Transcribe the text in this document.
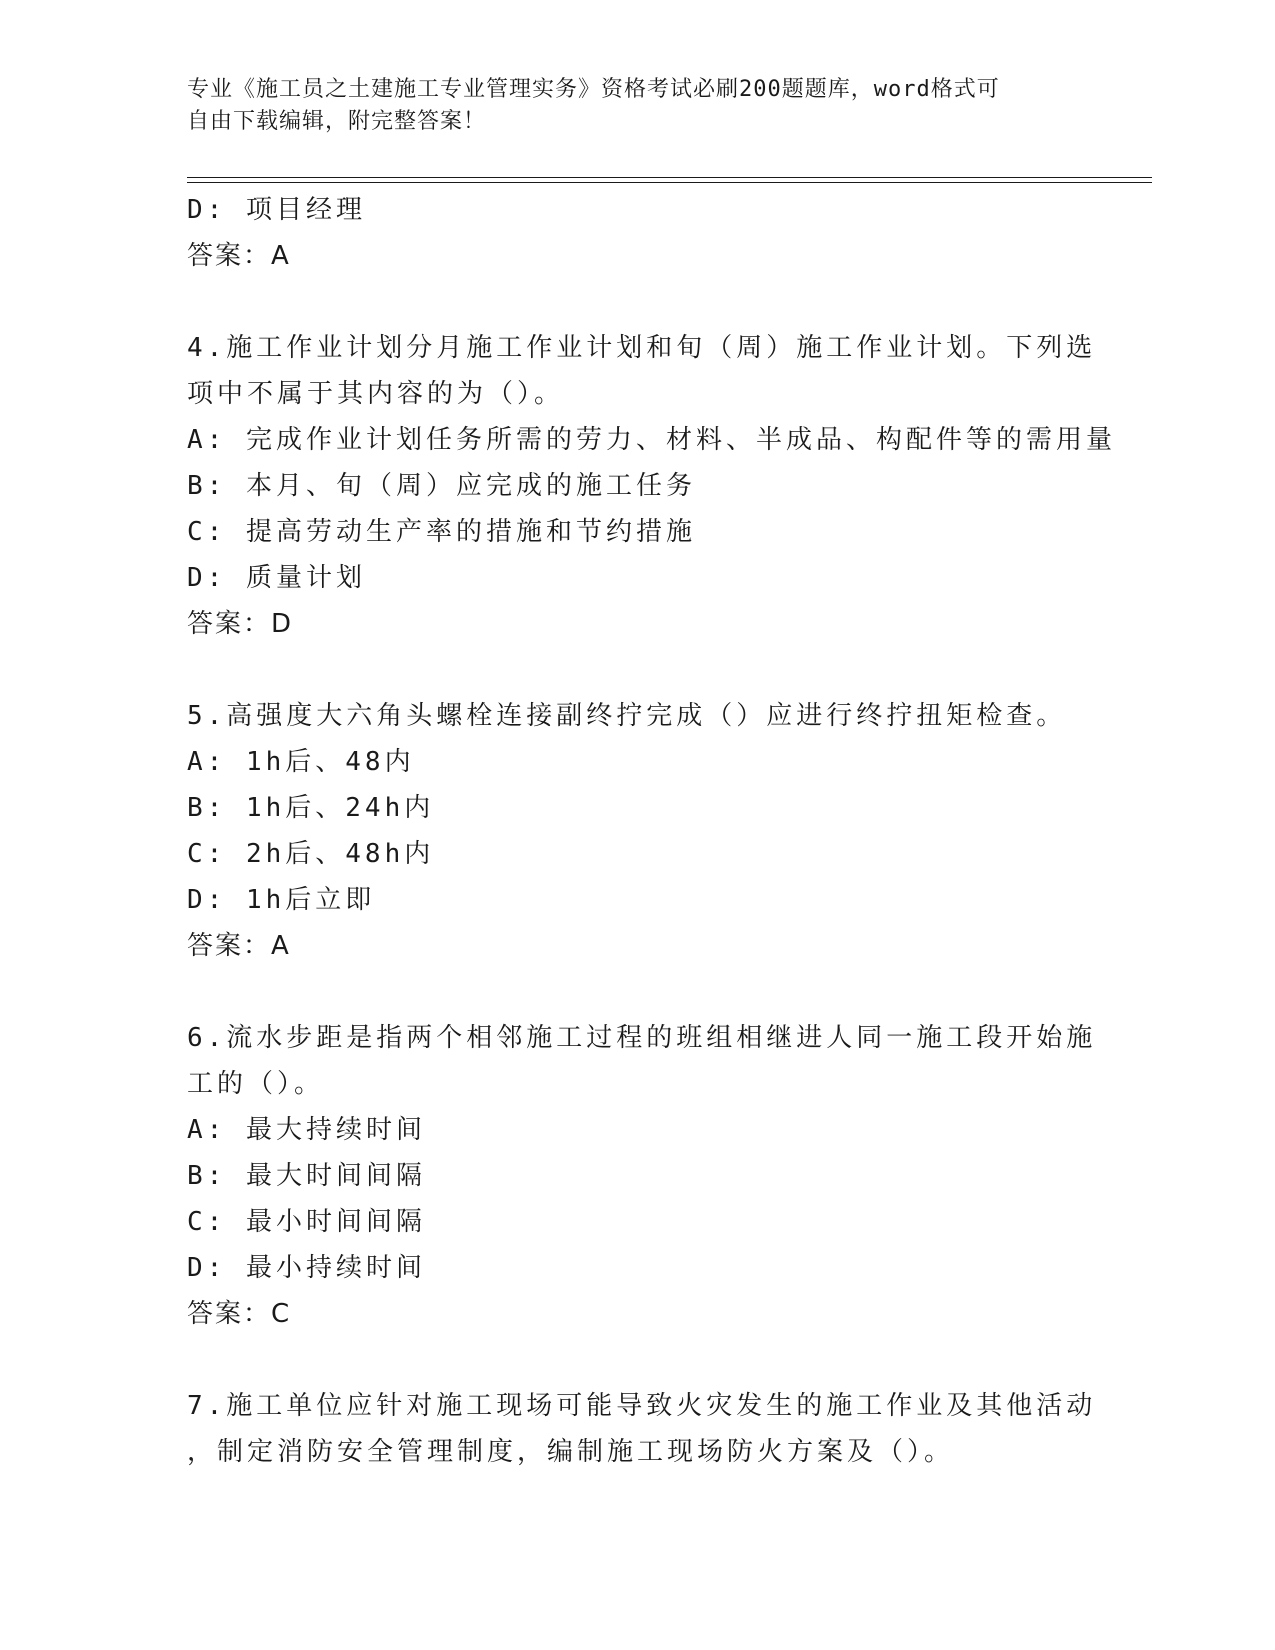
专业《施工员之土建施工专业管理实务》资格考试必刷200题题库，word格式可
自由下载编辑，附完整答案！
D: 项目经理
答案：A
4.施工作业计划分月施工作业计划和旬（周）施工作业计划。下列选
项中不属于其内容的为（）。
A: 完成作业计划任务所需的劳力、材料、半成品、构配件等的需用量
B: 本月、旬（周）应完成的施工任务
C: 提高劳动生产率的措施和节约措施
D: 质量计划
答案：D
5.高强度大六角头螺栓连接副终拧完成（）应进行终拧扭矩检查。
A: 1h后、48内
B: 1h后、24h内
C: 2h后、48h内
D: 1h后立即
答案：A
6.流水步距是指两个相邻施工过程的班组相继进人同一施工段开始施
工的（）。
A: 最大持续时间
B: 最大时间间隔
C: 最小时间间隔
D: 最小持续时间
答案：C
7.施工单位应针对施工现场可能导致火灾发生的施工作业及其他活动
，制定消防安全管理制度，编制施工现场防火方案及（）。
